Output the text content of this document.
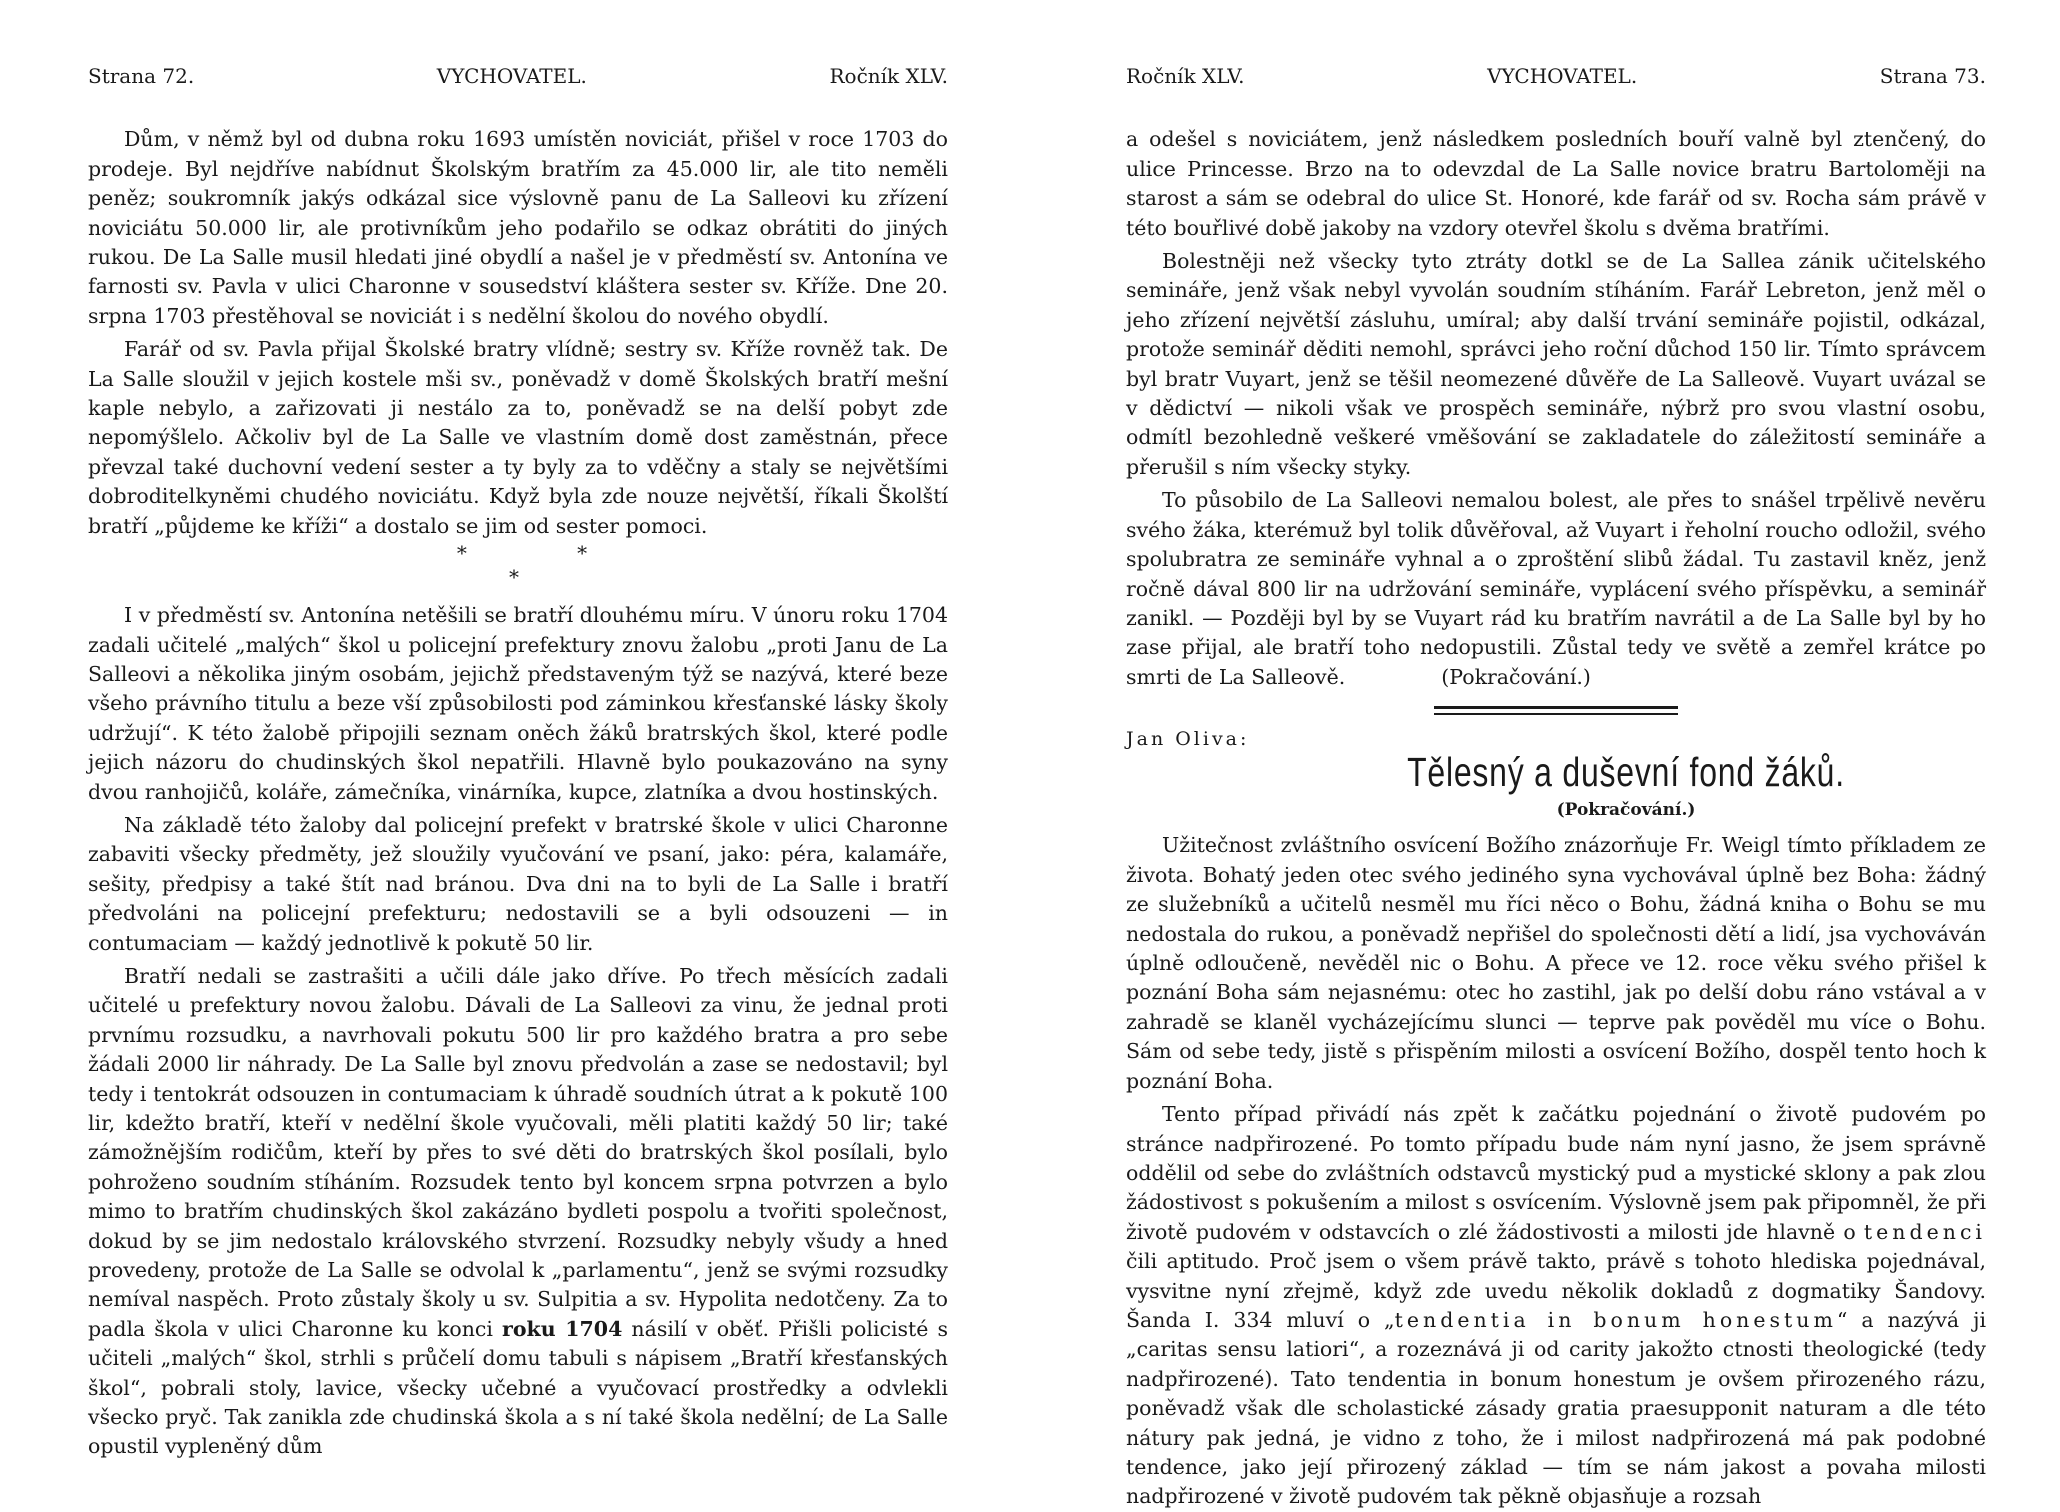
Strana 72.	VYCHOVATEL.	Ročník XLV.

Dům, v němž byl od dubna roku 1693 umístěn noviciát, přišel v roce 1703 do prodeje. Byl nejdříve nabídnut Školským bratřím za 45.000 lir, ale tito neměli peněz; soukromník jakýs odkázal sice výslovně panu de La Salleovi ku zřízení noviciátu 50.000 lir, ale protivníkům jeho podařilo se odkaz obrátiti do jiných rukou. De La Salle musil hledati jiné obydlí a našel je v předměstí sv. Antonína ve farnosti sv. Pavla v ulici Charonne v sousedství kláštera sester sv. Kříže. Dne 20. srpna 1703 přestěhoval se noviciát i s nedělní školou do nového obydlí.

Farář od sv. Pavla přijal Školské bratry vlídně; sestry sv. Kříže rovněž tak. De La Salle sloužil v jejich kostele mši sv., poněvadž v domě Školských bratří mešní kaple nebylo, a zařizovati ji nestálo za to, poněvadž se na delší pobyt zde nepomýšlelo. Ačkoliv byl de La Salle ve vlastním domě dost zaměstnán, přece převzal také duchovní vedení sester a ty byly za to vděčny a staly se největšími dobroditelkyněmi chudého noviciátu. Když byla zde nouze největší, říkali Školští bratří „půjdeme ke kříži“ a dostalo se jim od sester pomoci.

* *

*

I v předměstí sv. Antonína netěšili se bratří dlouhému míru. V únoru roku 1704 zadali učitelé „malých“ škol u policejní prefektury znovu žalobu „proti Janu de La Salleovi a několika jiným osobám, jejichž představeným týž se nazývá, které beze všeho právního titulu a beze vší způsobilosti pod záminkou křesťanské lásky školy udržují“. K této žalobě připojili seznam oněch žáků bratrských škol, které podle jejich názoru do chudinských škol nepatřili. Hlavně bylo poukazováno na syny dvou ranhojičů, koláře, zámečníka, vinárníka, kupce, zlatníka a dvou hostinských.

Na základě této žaloby dal policejní prefekt v bratrské škole v ulici Charonne zabaviti všecky předměty, jež sloužily vyučování ve psaní, jako: péra, kalamáře, sešity, předpisy a také štít nad bránou. Dva dni na to byli de La Salle i bratří předvoláni na policejní prefekturu; nedostavili se a byli odsouzeni — in contumaciam — každý jednotlivě k pokutě 50 lir.

Bratří nedali se zastrašiti a učili dále jako dříve. Po třech měsících zadali učitelé u prefektury novou žalobu. Dávali de La Salleovi za vinu, že jednal proti prvnímu rozsudku, a navrhovali pokutu 500 lir pro každého bratra a pro sebe žádali 2000 lir náhrady. De La Salle byl znovu předvolán a zase se nedostavil; byl tedy i tentokrát odsouzen in contumaciam k úhradě soudních útrat a k pokutě 100 lir, kdežto bratří, kteří v nedělní škole vyučovali, měli platiti každý 50 lir; také zámožnějším rodičům, kteří by přes to své děti do bratrských škol posílali, bylo pohroženo soudním stíháním. Rozsudek tento byl koncem srpna potvrzen a bylo mimo to bratřím chudinských škol zakázáno bydleti pospolu a tvořiti společnost, dokud by se jim nedostalo královského stvrzení. Rozsudky nebyly všudy a hned provedeny, protože de La Salle se odvolal k „parlamentu“, jenž se svými rozsudky nemíval naspěch. Proto zůstaly školy u sv. Sulpitia a sv. Hypolita nedotčeny. Za to padla škola v ulici Charonne ku konci roku 1704 násilí v oběť. Přišli policisté s učiteli „malých“ škol, strhli s průčelí domu tabuli s nápisem „Bratří křesťanských škol“, pobrali stoly, lavice, všecky učebné a vyučovací prostředky a odvlekli všecko pryč. Tak zanikla zde chudinská škola a s ní také škola nedělní; de La Salle opustil vypleněný dům

Ročník XLV.	VYCHOVATEL.	Strana 73.

a odešel s noviciátem, jenž následkem posledních bouří valně byl ztenčený, do ulice Princesse. Brzo na to odevzdal de La Salle novice bratru Bartoloměji na starost a sám se odebral do ulice St. Honoré, kde farář od sv. Rocha sám právě v této bouřlivé době jakoby na vzdory otevřel školu s dvěma bratřími.

Bolestněji než všecky tyto ztráty dotkl se de La Sallea zánik učitelského semináře, jenž však nebyl vyvolán soudním stíháním. Farář Lebreton, jenž měl o jeho zřízení největší zásluhu, umíral; aby další trvání semináře pojistil, odkázal, protože seminář děditi nemohl, správci jeho roční důchod 150 lir. Tímto správcem byl bratr Vuyart, jenž se těšil neomezené důvěře de La Salleově. Vuyart uvázal se v dědictví — nikoli však ve prospěch semináře, nýbrž pro svou vlastní osobu, odmítl bezohledně veškeré vměšování se zakladatele do záležitostí semináře a přerušil s ním všecky styky.

To působilo de La Salleovi nemalou bolest, ale přes to snášel trpělivě nevěru svého žáka, kterémuž byl tolik důvěřoval, až Vuyart i řeholní roucho odložil, svého spolubratra ze semináře vyhnal a o zproštění slibů žádal. Tu zastavil kněz, jenž ročně dával 800 lir na udržování semináře, vyplácení svého příspěvku, a seminář zanikl. — Později byl by se Vuyart rád ku bratřím navrátil a de La Salle byl by ho zase přijal, ale bratří toho nedopustili. Zůstal tedy ve světě a zemřel krátce po smrti de La Salleově.	(Pokračování.)

Jan Oliva:
Tělesný a duševní fond žáků.
(Pokračování.)

Užitečnost zvláštního osvícení Božího znázorňuje Fr. Weigl tímto příkladem ze života. Bohatý jeden otec svého jediného syna vychovával úplně bez Boha: žádný ze služebníků a učitelů nesměl mu říci něco o Bohu, žádná kniha o Bohu se mu nedostala do rukou, a poněvadž nepřišel do společnosti dětí a lidí, jsa vychováván úplně odloučeně, nevěděl nic o Bohu. A přece ve 12. roce věku svého přišel k poznání Boha sám nejasnému: otec ho zastihl, jak po delší dobu ráno vstával a v zahradě se klaněl vycházejícímu slunci — teprve pak pověděl mu více o Bohu. Sám od sebe tedy, jistě s přispěním milosti a osvícení Božího, dospěl tento hoch k poznání Boha.

Tento případ přivádí nás zpět k začátku pojednání o životě pudovém po stránce nadpřirozené. Po tomto případu bude nám nyní jasno, že jsem správně oddělil od sebe do zvláštních odstavců mystický pud a mystické sklony a pak zlou žádostivost s pokušením a milost s osvícením. Výslovně jsem pak připomněl, že při životě pudovém v odstavcích o zlé žádostivosti a milosti jde hlavně o tendenci čili aptitudo. Proč jsem o všem právě takto, právě s tohoto hlediska pojednával, vysvitne nyní zřejmě, když zde uvedu několik dokladů z dogmatiky Šandovy. Šanda I. 334 mluví o „tendentia in bonum honestum“ a nazývá ji „caritas sensu latiori“, a rozeznává ji od carity jakožto ctnosti theologické (tedy nadpřirozené). Tato tendentia in bonum honestum je ovšem přirozeného rázu, poněvadž však dle scholastické zásady gratia praesupponit naturam a dle této nátury pak jedná, je vidno z toho, že i milost nadpřirozená má pak podobné tendence, jako její přirozený základ — tím se nám jakost a povaha milosti nadpřirozené v životě pudovém tak pěkně objasňuje a rozsah
